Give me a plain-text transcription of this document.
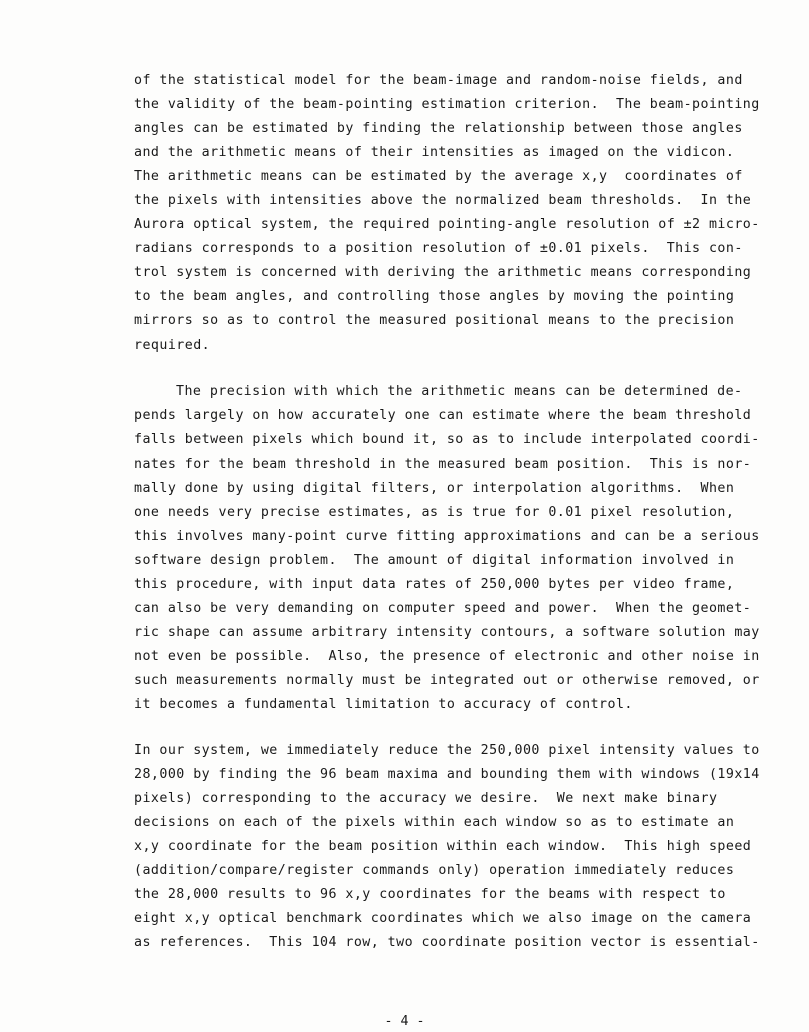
of the statistical model for the beam-image and random-noise fields, and
the validity of the beam-pointing estimation criterion.  The beam-pointing
angles can be estimated by finding the relationship between those angles
and the arithmetic means of their intensities as imaged on the vidicon.
The arithmetic means can be estimated by the average x,y  coordinates of
the pixels with intensities above the normalized beam thresholds.  In the
Aurora optical system, the required pointing-angle resolution of ±2 micro-
radians corresponds to a position resolution of ±0.01 pixels.  This con-
trol system is concerned with deriving the arithmetic means corresponding
to the beam angles, and controlling those angles by moving the pointing
mirrors so as to control the measured positional means to the precision
required.
The precision with which the arithmetic means can be determined de-
pends largely on how accurately one can estimate where the beam threshold
falls between pixels which bound it, so as to include interpolated coordi-
nates for the beam threshold in the measured beam position.  This is nor-
mally done by using digital filters, or interpolation algorithms.  When
one needs very precise estimates, as is true for 0.01 pixel resolution,
this involves many-point curve fitting approximations and can be a serious
software design problem.  The amount of digital information involved in
this procedure, with input data rates of 250,000 bytes per video frame,
can also be very demanding on computer speed and power.  When the geomet-
ric shape can assume arbitrary intensity contours, a software solution may
not even be possible.  Also, the presence of electronic and other noise in
such measurements normally must be integrated out or otherwise removed, or
it becomes a fundamental limitation to accuracy of control.
In our system, we immediately reduce the 250,000 pixel intensity values to
28,000 by finding the 96 beam maxima and bounding them with windows (19x14
pixels) corresponding to the accuracy we desire.  We next make binary
decisions on each of the pixels within each window so as to estimate an
x,y coordinate for the beam position within each window.  This high speed
(addition/compare/register commands only) operation immediately reduces
the 28,000 results to 96 x,y coordinates for the beams with respect to
eight x,y optical benchmark coordinates which we also image on the camera
as references.  This 104 row, two coordinate position vector is essential-
- 4 -
